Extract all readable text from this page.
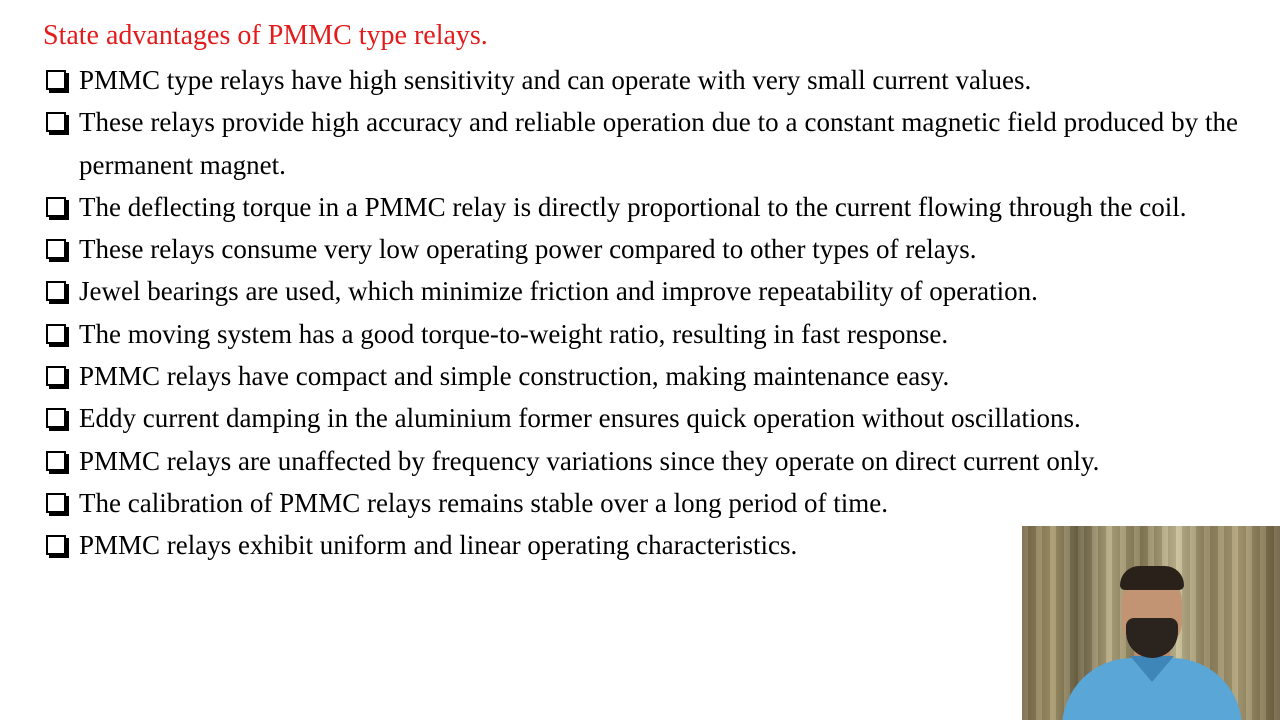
State advantages of PMMC type relays.
PMMC type relays have high sensitivity and can operate with very small current values.
These relays provide high accuracy and reliable operation due to a constant magnetic field produced by the permanent magnet.
The deflecting torque in a PMMC relay is directly proportional to the current flowing through the coil.
These relays consume very low operating power compared to other types of relays.
Jewel bearings are used, which minimize friction and improve repeatability of operation.
The moving system has a good torque-to-weight ratio, resulting in fast response.
PMMC relays have compact and simple construction, making maintenance easy.
Eddy current damping in the aluminium former ensures quick operation without oscillations.
PMMC relays are unaffected by frequency variations since they operate on direct current only.
The calibration of PMMC relays remains stable over a long period of time.
PMMC relays exhibit uniform and linear operating characteristics.
